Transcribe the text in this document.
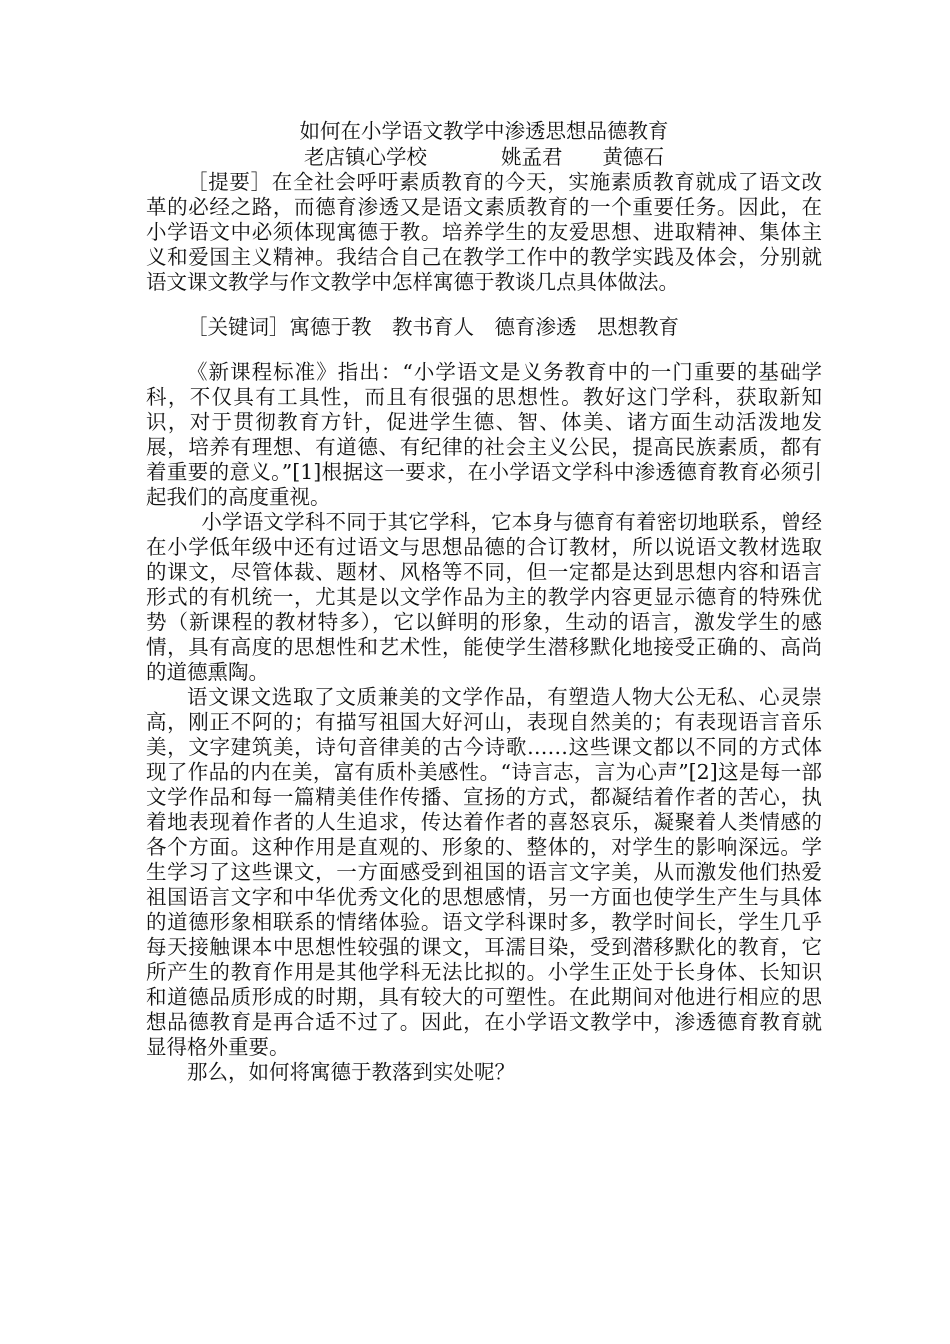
如何在小学语文教学中渗透思想品德教育

老店镇心学校	姚孟君 黄德石

［提要］在全社会呼吁素质教育的今天，实施素质教育就成了语文改革的必经之路，而德育渗透又是语文素质教育的一个重要任务。因此，在小学语文中必须体现寓德于教。培养学生的友爱思想、进取精神、集体主义和爱国主义精神。我结合自己在教学工作中的教学实践及体会，分别就语文课文教学与作文教学中怎样寓德于教谈几点具体做法。

［关键词］寓德于教　教书育人　德育渗透　思想教育

《新课程标准》指出：“小学语文是义务教育中的一门重要的基础学科，不仅具有工具性，而且有很强的思想性。教好这门学科，获取新知识，对于贯彻教育方针，促进学生德、智、体美、诸方面生动活泼地发展，培养有理想、有道德、有纪律的社会主义公民，提高民族素质，都有着重要的意义。”[1]根据这一要求，在小学语文学科中渗透德育教育必须引起我们的高度重视。

小学语文学科不同于其它学科，它本身与德育有着密切地联系，曾经在小学低年级中还有过语文与思想品德的合订教材，所以说语文教材选取的课文，尽管体裁、题材、风格等不同，但一定都是达到思想内容和语言形式的有机统一，尤其是以文学作品为主的教学内容更显示德育的特殊优势（新课程的教材特多），它以鲜明的形象，生动的语言，激发学生的感情，具有高度的思想性和艺术性，能使学生潜移默化地接受正确的、高尚的道德熏陶。

语文课文选取了文质兼美的文学作品，有塑造人物大公无私、心灵崇高，刚正不阿的；有描写祖国大好河山，表现自然美的；有表现语言音乐美，文字建筑美，诗句音律美的古今诗歌……这些课文都以不同的方式体现了作品的内在美，富有质朴美感性。“诗言志，言为心声”[2]这是每一部文学作品和每一篇精美佳作传播、宣扬的方式，都凝结着作者的苦心，执着地表现着作者的人生追求，传达着作者的喜怒哀乐，凝聚着人类情感的各个方面。这种作用是直观的、形象的、整体的，对学生的影响深远。学生学习了这些课文，一方面感受到祖国的语言文字美，从而激发他们热爱祖国语言文字和中华优秀文化的思想感情，另一方面也使学生产生与具体的道德形象相联系的情绪体验。语文学科课时多，教学时间长，学生几乎每天接触课本中思想性较强的课文，耳濡目染，受到潜移默化的教育，它所产生的教育作用是其他学科无法比拟的。小学生正处于长身体、长知识和道德品质形成的时期，具有较大的可塑性。在此期间对他进行相应的思想品德教育是再合适不过了。因此，在小学语文教学中，渗透德育教育就显得格外重要。

那么，如何将寓德于教落到实处呢？
